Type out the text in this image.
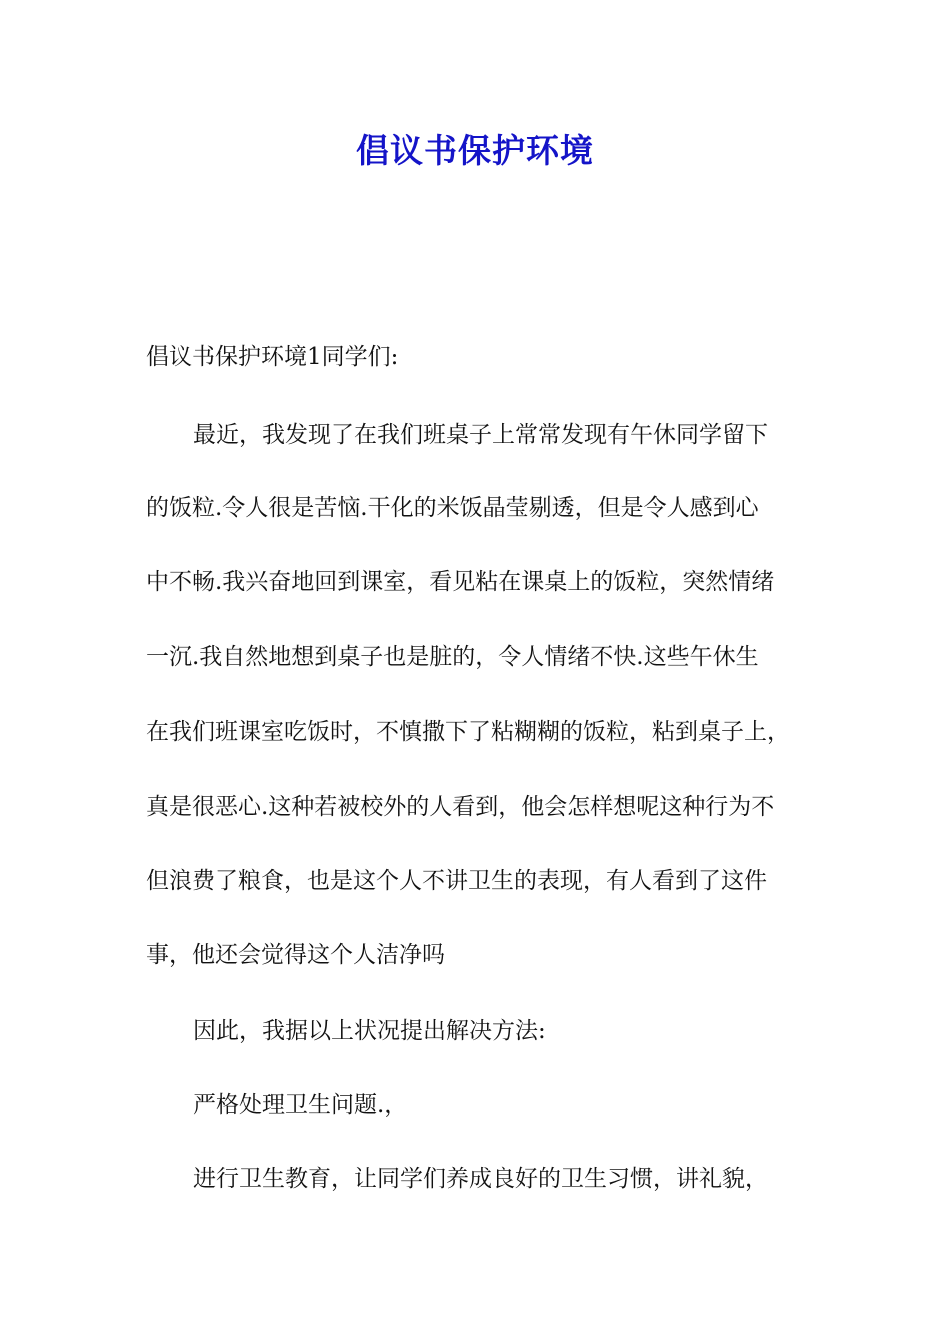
倡议书保护环境

倡议书保护环境1同学们:

最近，我发现了在我们班桌子上常常发现有午休同学留下

的饭粒.令人很是苦恼.干化的米饭晶莹剔透，但是令人感到心

中不畅.我兴奋地回到课室，看见粘在课桌上的饭粒，突然情绪

一沉.我自然地想到桌子也是脏的，令人情绪不快.这些午休生

在我们班课室吃饭时，不慎撒下了粘糊糊的饭粒，粘到桌子上，

真是很恶心.这种若被校外的人看到，他会怎样想呢这种行为不

但浪费了粮食，也是这个人不讲卫生的表现，有人看到了这件

事，他还会觉得这个人洁净吗

因此，我据以上状况提出解决方法:

严格处理卫生问题.，

进行卫生教育，让同学们养成良好的卫生习惯，讲礼貌，
